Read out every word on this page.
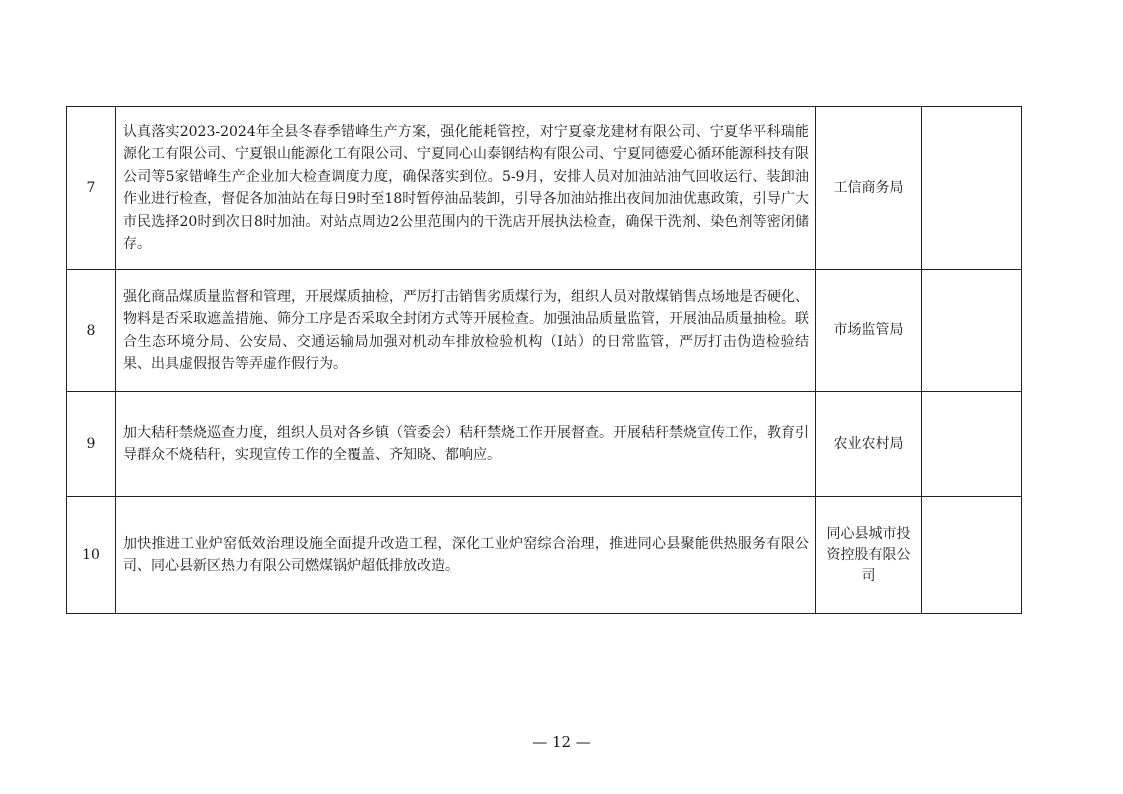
7	认真落实2023-2024年全县冬春季错峰生产方案，强化能耗管控，对宁夏豪龙建材有限公司、宁夏华平科瑞能源化工有限公司、宁夏银山能源化工有限公司、宁夏同心山泰钢结构有限公司、宁夏同德爱心循环能源科技有限公司等5家错峰生产企业加大检查调度力度，确保落实到位。5-9月，安排人员对加油站油气回收运行、装卸油作业进行检查，督促各加油站在每日9时至18时暂停油品装卸，引导各加油站推出夜间加油优惠政策，引导广大市民选择20时到次日8时加油。对站点周边2公里范围内的干洗店开展执法检查，确保干洗剂、染色剂等密闭储存。	工信商务局	
8	强化商品煤质量监督和管理，开展煤质抽检，严厉打击销售劣质煤行为，组织人员对散煤销售点场地是否硬化、物料是否采取遮盖措施、筛分工序是否采取全封闭方式等开展检查。加强油品质量监管，开展油品质量抽检。联合生态环境分局、公安局、交通运输局加强对机动车排放检验机构（I站）的日常监管，严厉打击伪造检验结果、出具虚假报告等弄虚作假行为。	市场监管局	
9	加大秸秆禁烧巡查力度，组织人员对各乡镇（管委会）秸秆禁烧工作开展督查。开展秸秆禁烧宣传工作，教育引导群众不烧秸秆，实现宣传工作的全覆盖、齐知晓、都响应。	农业农村局	
10	加快推进工业炉窑低效治理设施全面提升改造工程，深化工业炉窑综合治理，推进同心县聚能供热服务有限公司、同心县新区热力有限公司燃煤锅炉超低排放改造。	同心县城市投资控股有限公司	
— 12 —
